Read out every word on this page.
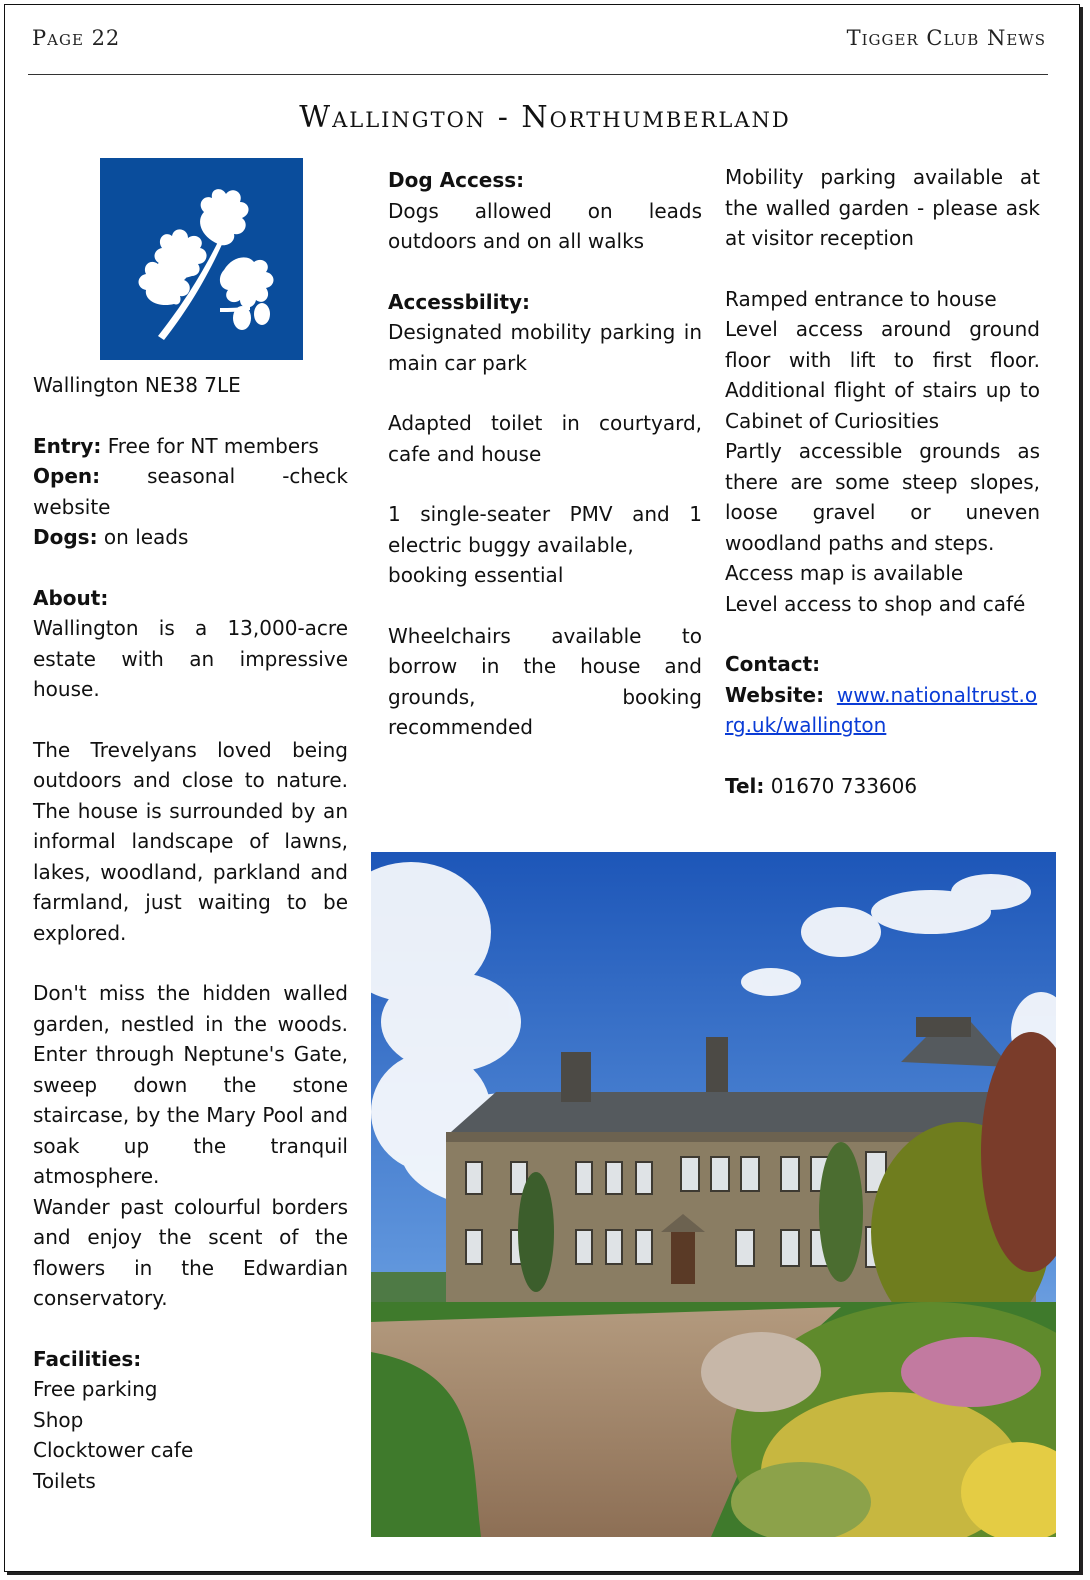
Page 22	Tigger Club News
Wallington - Northumberland

Wallington NE38 7LE

Entry: Free for NT members

Open: seasonal -check website

Dogs: on leads

About:

Wallington is a 13,000-acre estate with an impressive house.

The Trevelyans loved being outdoors and close to nature. The house is surrounded by an informal landscape of lawns, lakes, woodland, parkland and farmland, just waiting to be explored.

Don't miss the hidden walled garden, nestled in the woods. Enter through Neptune's Gate, sweep down the stone staircase, by the Mary Pool and soak up the tranquil atmosphere.

Wander past colourful borders and enjoy the scent of the flowers in the Edwardian conservatory.

Facilities:

Free parking

Shop

Clocktower cafe

Toilets

Dog Access:

Dogs allowed on leads outdoors and on all walks

Accessbility:

Designated mobility parking in main car park

Adapted toilet in courtyard, cafe and house

1 single-seater PMV and 1 electric buggy available,

booking essential

Wheelchairs available to borrow in the house and grounds, booking recommended

Mobility parking available at the walled garden - please ask at visitor reception

Ramped entrance to house

Level access around ground floor with lift to first floor. Additional flight of stairs up to Cabinet of Curiosities

Partly accessible grounds as there are some steep slopes, loose gravel or uneven woodland paths and steps.

Access map is available

Level access to shop and café

Contact:

Website: www.nationaltrust.org.uk/wallington

Tel: 01670 733606
